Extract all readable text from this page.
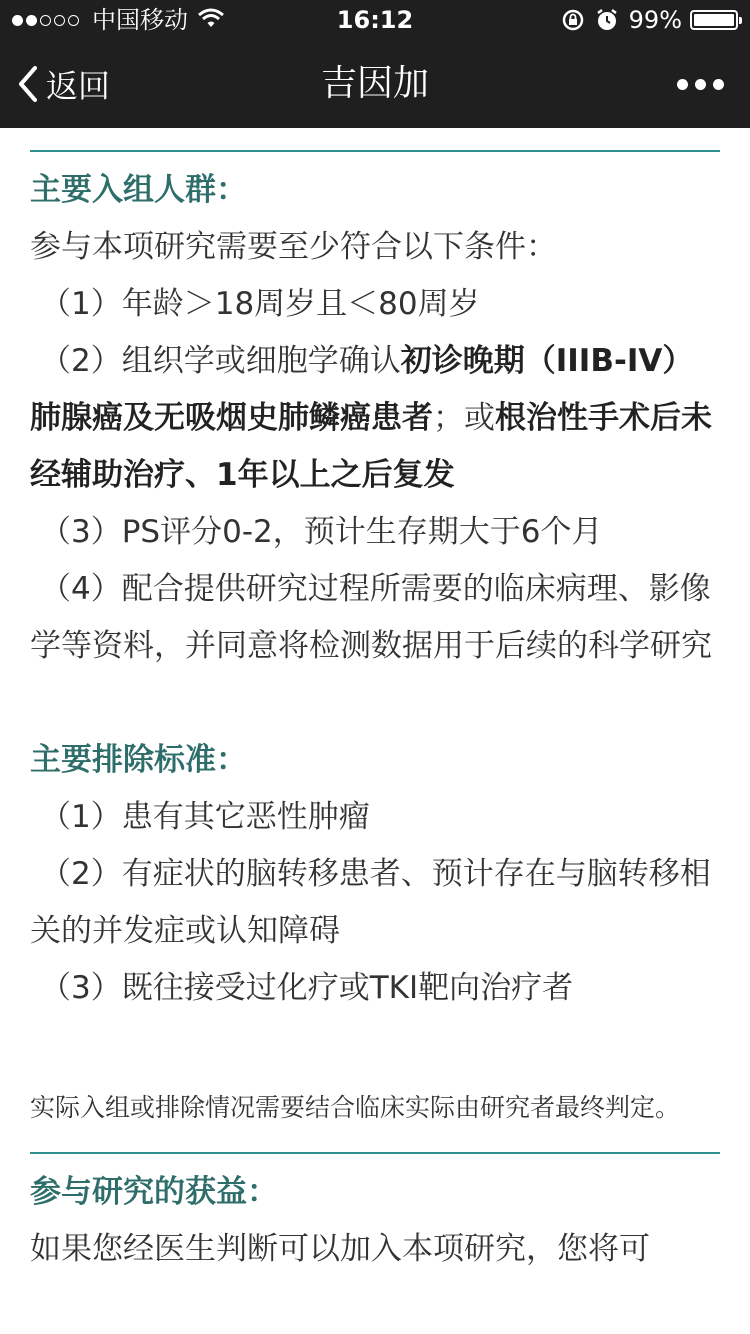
中国移动	16:12	99%
返回	吉因加
主要入组人群：
参与本项研究需要至少符合以下条件：
（1）年龄＞18周岁且＜80周岁
（2）组织学或细胞学确认初诊晚期（IIIB-IV）肺腺癌及无吸烟史肺鳞癌患者；或根治性手术后未经辅助治疗、1年以上之后复发
（3）PS评分0-2，预计生存期大于6个月
（4）配合提供研究过程所需要的临床病理、影像学等资料，并同意将检测数据用于后续的科学研究
主要排除标准：
（1）患有其它恶性肿瘤
（2）有症状的脑转移患者、预计存在与脑转移相关的并发症或认知障碍
（3）既往接受过化疗或TKI靶向治疗者
实际入组或排除情况需要结合临床实际由研究者最终判定。
参与研究的获益：
如果您经医生判断可以加入本项研究，您将可
